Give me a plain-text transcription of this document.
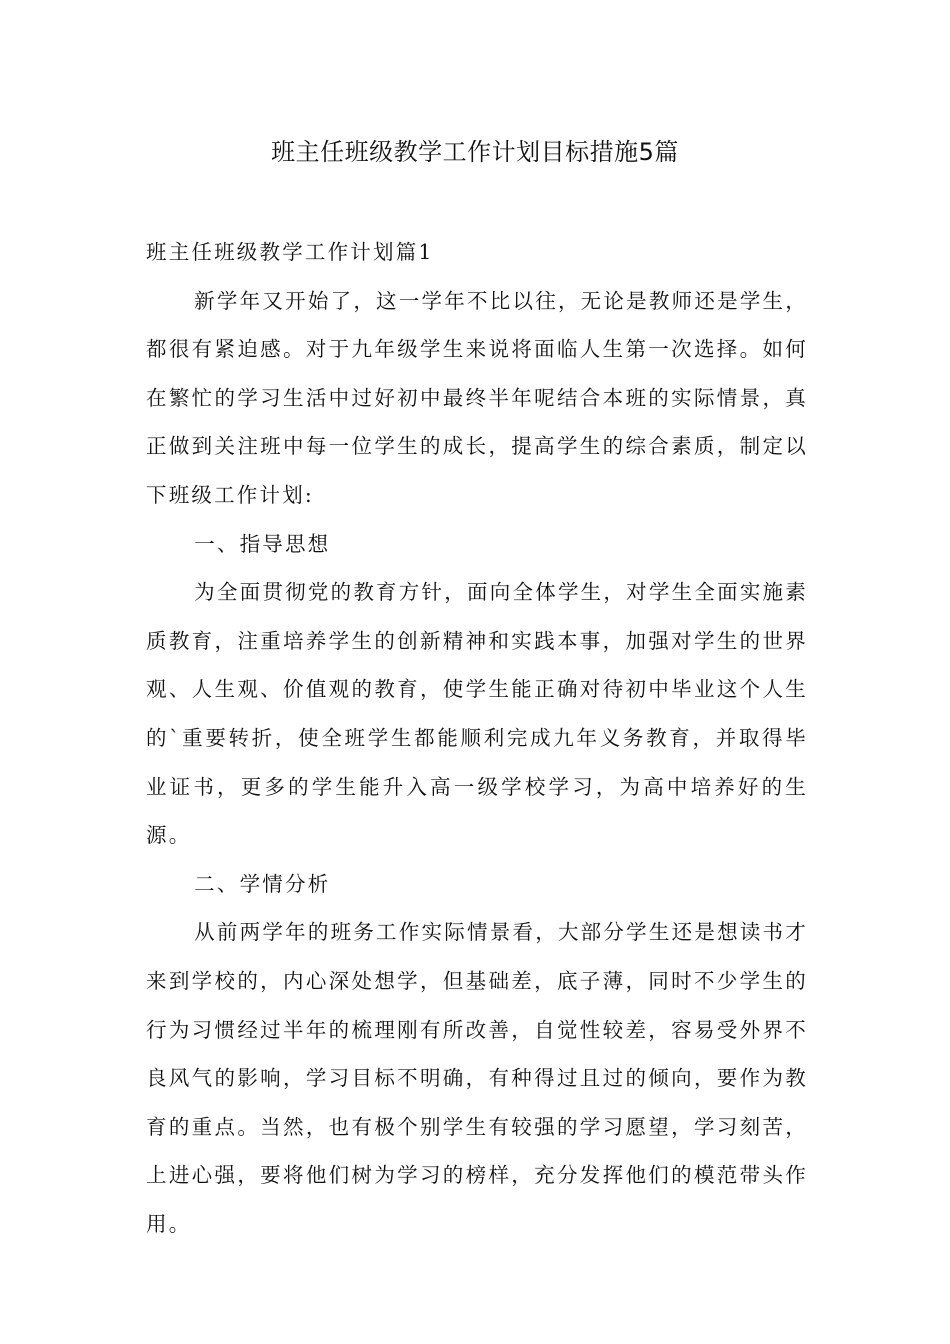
班主任班级教学工作计划目标措施5篇

班主任班级教学工作计划篇1

新学年又开始了，这一学年不比以往，无论是教师还是学生，都很有紧迫感。对于九年级学生来说将面临人生第一次选择。如何在繁忙的学习生活中过好初中最终半年呢结合本班的实际情景，真正做到关注班中每一位学生的成长，提高学生的综合素质，制定以下班级工作计划:

一、指导思想

为全面贯彻党的教育方针，面向全体学生，对学生全面实施素质教育，注重培养学生的创新精神和实践本事，加强对学生的世界观、人生观、价值观的教育，使学生能正确对待初中毕业这个人生的`重要转折，使全班学生都能顺利完成九年义务教育，并取得毕业证书，更多的学生能升入高一级学校学习，为高中培养好的生源。

二、学情分析

从前两学年的班务工作实际情景看，大部分学生还是想读书才来到学校的，内心深处想学，但基础差，底子薄，同时不少学生的行为习惯经过半年的梳理刚有所改善，自觉性较差，容易受外界不良风气的影响，学习目标不明确，有种得过且过的倾向，要作为教育的重点。当然，也有极个别学生有较强的学习愿望，学习刻苦，上进心强，要将他们树为学习的榜样，充分发挥他们的模范带头作用。
